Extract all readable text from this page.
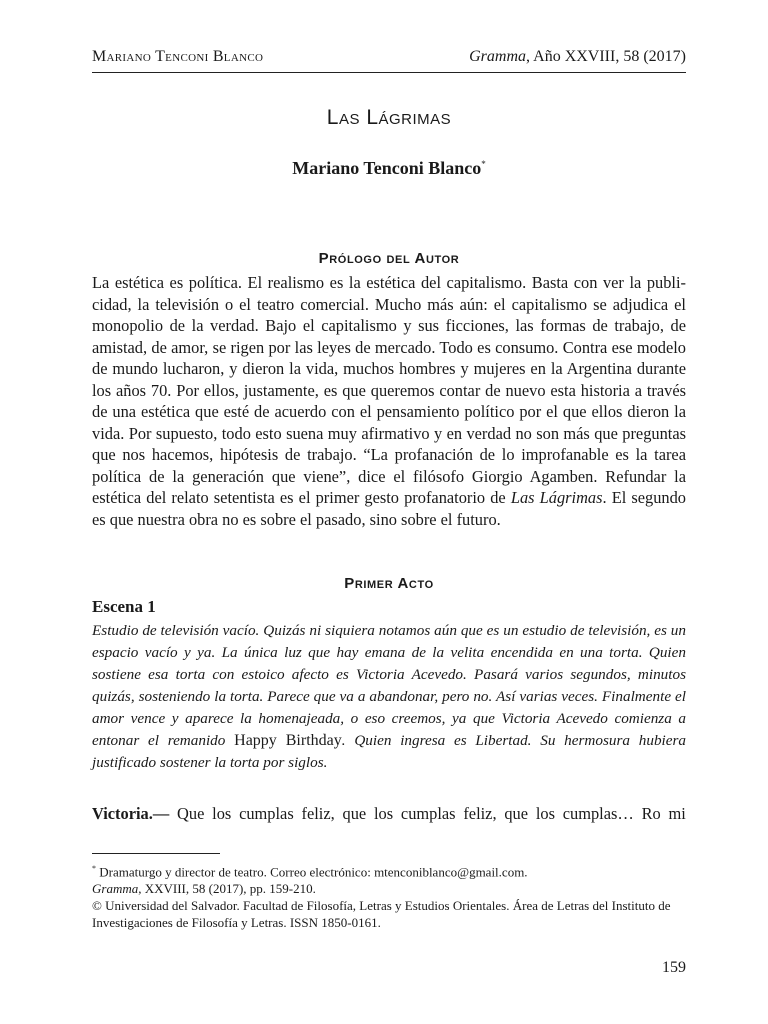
Mariano Tenconi Blanco	Gramma, Año XXVIII, 58 (2017)
Las Lágrimas
Mariano Tenconi Blanco*
Prólogo del Autor
La estética es política. El realismo es la estética del capitalismo. Basta con ver la publicidad, la televisión o el teatro comercial. Mucho más aún: el capitalismo se adjudica el monopolio de la verdad. Bajo el capitalismo y sus ficciones, las formas de trabajo, de amistad, de amor, se rigen por las leyes de mercado. Todo es consumo. Contra ese modelo de mundo lucharon, y dieron la vida, muchos hombres y mujeres en la Argentina durante los años 70. Por ellos, justamente, es que queremos contar de nuevo esta historia a través de una estética que esté de acuerdo con el pensamiento político por el que ellos dieron la vida. Por supuesto, todo esto suena muy afirmativo y en verdad no son más que preguntas que nos hacemos, hipótesis de trabajo. “La profanación de lo improfanable es la tarea política de la generación que viene”, dice el filósofo Giorgio Agamben. Refundar la estética del relato setentista es el primer gesto profanatorio de Las Lágrimas. El segundo es que nuestra obra no es sobre el pasado, sino sobre el futuro.
Primer Acto
Escena 1
Estudio de televisión vacío. Quizás ni siquiera notamos aún que es un estudio de televisión, es un espacio vacío y ya. La única luz que hay emana de la velita encendida en una torta. Quien sostiene esa torta con estoico afecto es Victoria Acevedo. Pasará varios segundos, minutos quizás, sosteniendo la torta. Parece que va a abandonar, pero no. Así varias veces. Finalmente el amor vence y aparece la homenajeada, o eso creemos, ya que Victoria Acevedo comienza a entonar el remanido Happy Birthday. Quien ingresa es Libertad. Su hermosura hubiera justificado sostener la torta por siglos.
Victoria.— Que los cumplas feliz, que los cumplas feliz, que los cumplas… Ro mi
* Dramaturgo y director de teatro. Correo electrónico: mtenconiblanco@gmail.com.
Gramma, XXVIII, 58 (2017), pp. 159-210.
© Universidad del Salvador. Facultad de Filosofía, Letras y Estudios Orientales. Área de Letras del Instituto de Investigaciones de Filosofía y Letras. ISSN 1850-0161.
159
